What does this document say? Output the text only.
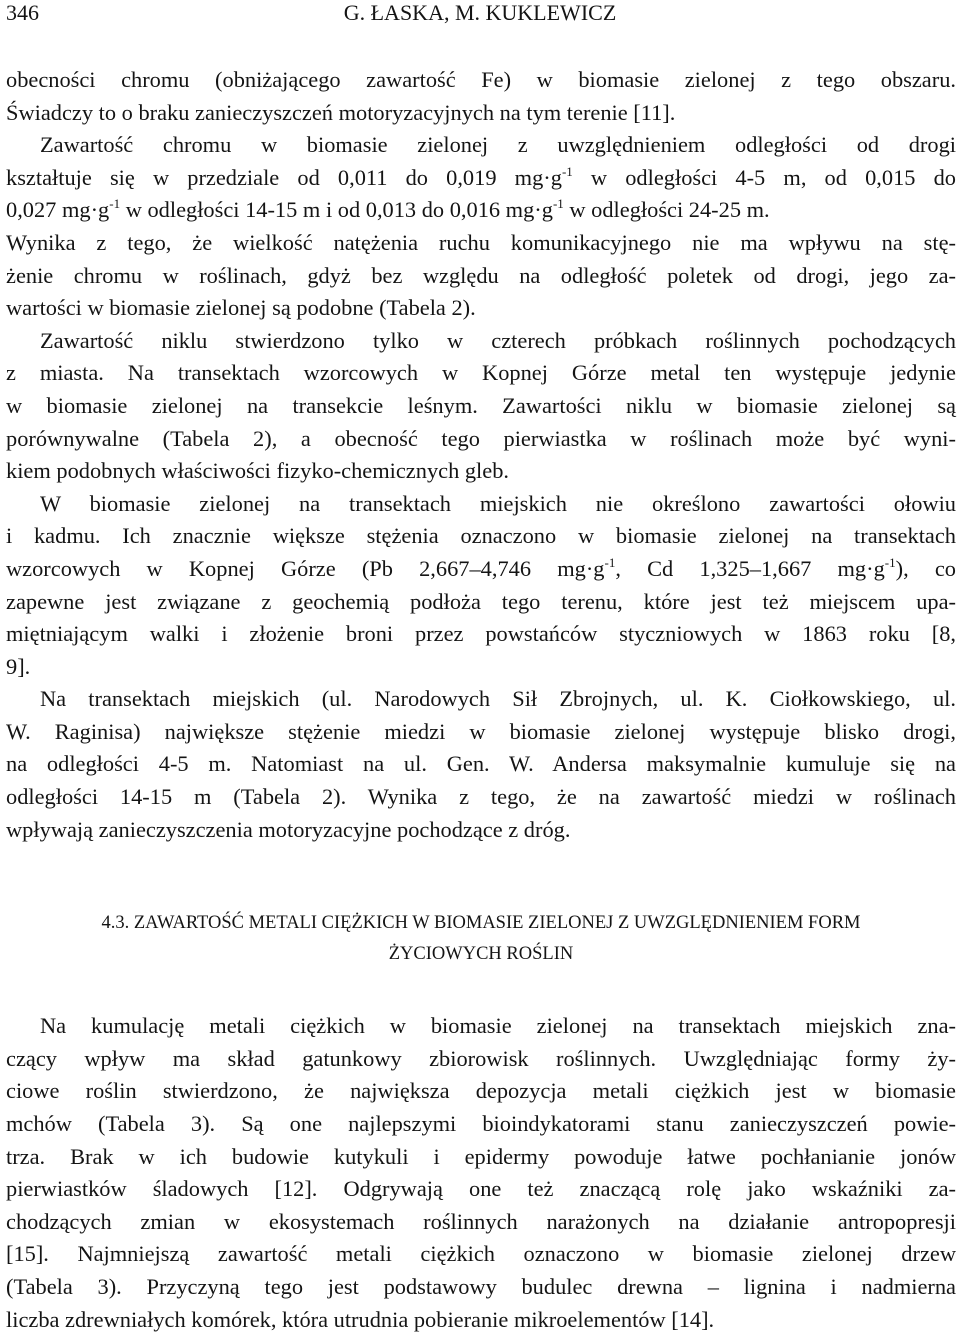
346	G. ŁASKA, M. KUKLEWICZ
obecności chromu (obniżającego zawartość Fe) w biomasie zielonej z tego obszaru.
Świadczy to o braku zanieczyszczeń motoryzacyjnych na tym terenie [11].
Zawartość chromu w biomasie zielonej z uwzględnieniem odległości od drogi
kształtuje się w przedziale od 0,011 do 0,019 $mg\cdot g^{-1}$ w odległości 4-5 m, od 0,015 do
0,027 $mg\cdot g^{-1}$ w odległości 14-15 m i od 0,013 do 0,016 $mg\cdot g^{-1}$ w odległości 24-25 m.
Wynika z tego, że wielkość natężenia ruchu komunikacyjnego nie ma wpływu na stę-
żenie chromu w roślinach, gdyż bez względu na odległość poletek od drogi, jego za-
wartości w biomasie zielonej są podobne (Tabela 2).
Zawartość niklu stwierdzono tylko w czterech próbkach roślinnych pochodzących
z miasta. Na transektach wzorcowych w Kopnej Górze metal ten występuje jedynie
w biomasie zielonej na transekcie leśnym. Zawartości niklu w biomasie zielonej są
porównywalne (Tabela 2), a obecność tego pierwiastka w roślinach może być wyni-
kiem podobnych właściwości fizyko-chemicznych gleb.
W biomasie zielonej na transektach miejskich nie określono zawartości ołowiu
i kadmu. Ich znacznie większe stężenia oznaczono w biomasie zielonej na transektach
wzorcowych w Kopnej Górze (Pb 2,667–4,746 $mg\cdot g^{-1}$, Cd 1,325–1,667 $mg\cdot g^{-1}$), co
zapewne jest związane z geochemią podłoża tego terenu, które jest też miejscem upa-
miętniającym walki i złożenie broni przez powstańców styczniowych w 1863 roku [8,
9].
Na transektach miejskich (ul. Narodowych Sił Zbrojnych, ul. K. Ciołkowskiego, ul.
W. Raginisa) największe stężenie miedzi w biomasie zielonej występuje blisko drogi,
na odległości 4-5 m. Natomiast na ul. Gen. W. Andersa maksymalnie kumuluje się na
odległości 14-15 m (Tabela 2). Wynika z tego, że na zawartość miedzi w roślinach
wpływają zanieczyszczenia motoryzacyjne pochodzące z dróg.
4.3. ZAWARTOŚĆ METALI CIĘŻKICH W BIOMASIE ZIELONEJ Z UWZGLĘDNIENIEM FORM
ŻYCIOWYCH ROŚLIN
Na kumulację metali ciężkich w biomasie zielonej na transektach miejskich zna-
czący wpływ ma skład gatunkowy zbiorowisk roślinnych. Uwzględniając formy ży-
ciowe roślin stwierdzono, że największa depozycja metali ciężkich jest w biomasie
mchów (Tabela 3). Są one najlepszymi bioindykatorami stanu zanieczyszczeń powie-
trza. Brak w ich budowie kutykuli i epidermy powoduje łatwe pochłanianie jonów
pierwiastków śladowych [12]. Odgrywają one też znaczącą rolę jako wskaźniki za-
chodzących zmian w ekosystemach roślinnych narażonych na działanie antropopresji
[15]. Najmniejszą zawartość metali ciężkich oznaczono w biomasie zielonej drzew
(Tabela 3). Przyczyną tego jest podstawowy budulec drewna – lignina i nadmierna
liczba zdrewniałych komórek, która utrudnia pobieranie mikroelementów [14].
